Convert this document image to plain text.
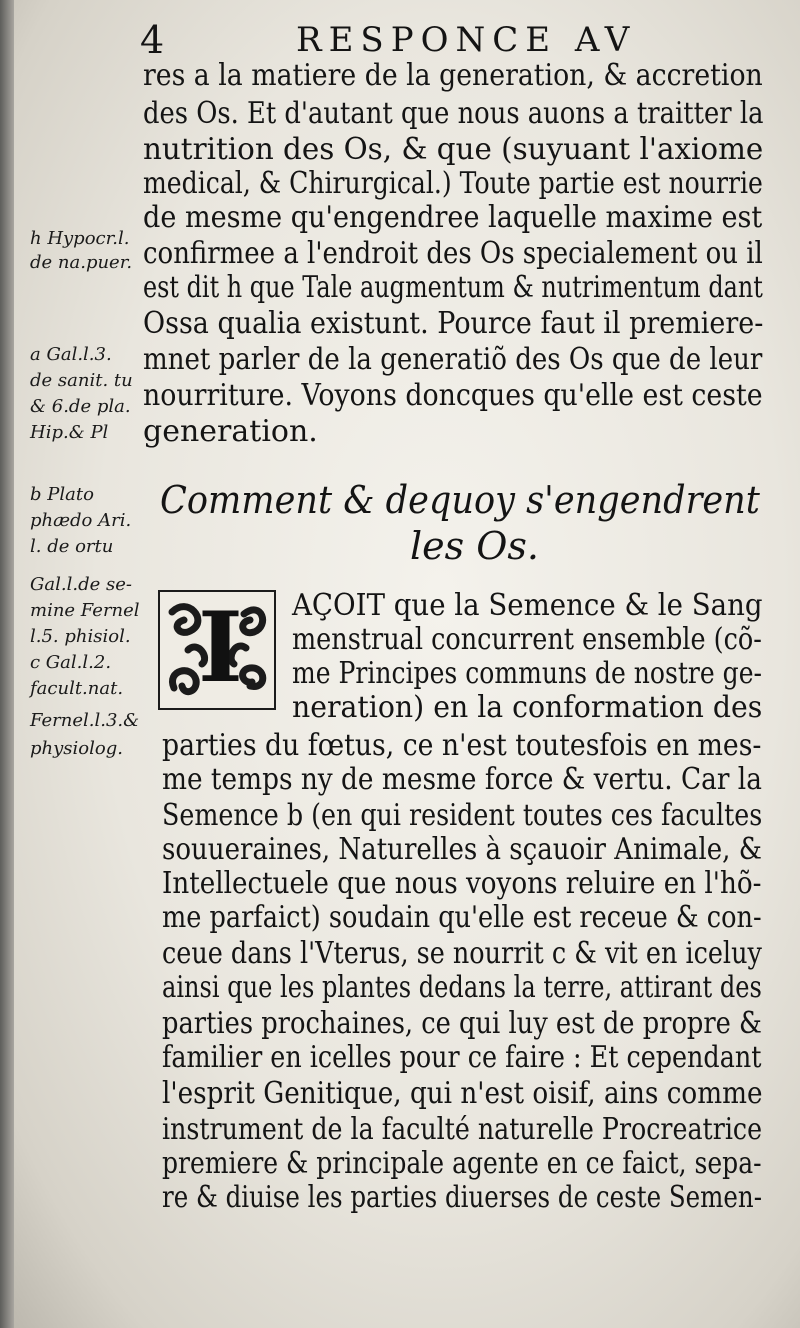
4	RESPONCE AV
h Hypocr.l.
de na.puer.
a Gal.l.3.
de sanit. tu
& 6.de pla.
Hip.& Pl
b Plato
phædo Ari.
l. de ortu
Gal.l.de se-
mine Fernel
l.5. phisiol.
c Gal.l.2.
facult.nat.
Fernel.l.3.&
physiolog.
res a la matiere de la generation, & accretion
des Os. Et d'autant que nous auons a traitter la
nutrition des Os, & que (suyuant l'axiome
medical, & Chirurgical.) Toute partie est nourrie
de mesme qu'engendree laquelle maxime est
confirmee a l'endroit des Os specialement ou il
est dit h que Tale augmentum & nutrimentum dant
Ossa qualia existunt. Pource faut il premiere-
mnet parler de la generatiõ des Os que de leur
nourriture. Voyons doncques qu'elle est ceste
generation.
Comment & dequoy s'engendrent
les Os.
I AÇOIT que la Semence & le Sang
menstrual concurrent ensemble (cõ-
me Principes communs de nostre ge-
neration) en la conformation des
parties du fœtus, ce n'est toutesfois en mes-
me temps ny de mesme force & vertu. Car la
Semence b (en qui resident toutes ces facultes
souueraines, Naturelles à sçauoir Animale, &
Intellectuele que nous voyons reluire en l'hõ-
me parfaict) soudain qu'elle est receue & con-
ceue dans l'Vterus, se nourrit c & vit en iceluy
ainsi que les plantes dedans la terre, attirant des
parties prochaines, ce qui luy est de propre &
familier en icelles pour ce faire : Et cependant
l'esprit Genitique, qui n'est oisif, ains comme
instrument de la faculté naturelle Procreatrice
premiere & principale agente en ce faict, sepa-
re & diuise les parties diuerses de ceste Semen-
